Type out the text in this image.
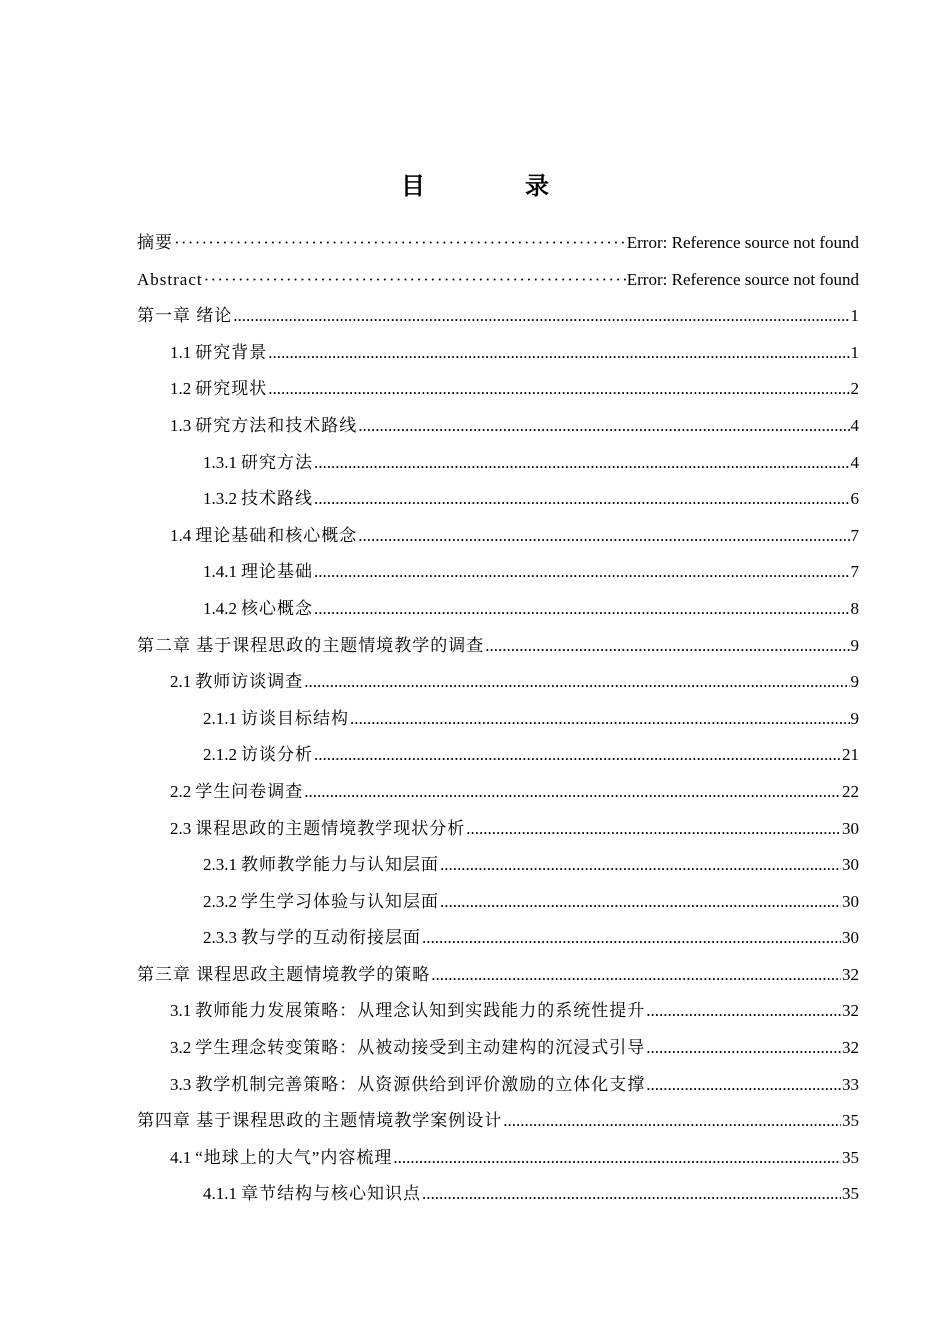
目　录
摘要 ·····	Error: Reference source not found
Abstract ·····	Error: Reference source not found
第一章 绪论 .....	1
1.1 研究背景 .....	1
1.2 研究现状 .....	2
1.3 研究方法和技术路线 .....	4
1.3.1 研究方法 .....	4
1.3.2 技术路线 .....	6
1.4 理论基础和核心概念 .....	7
1.4.1 理论基础 .....	7
1.4.2 核心概念 .....	8
第二章 基于课程思政的主题情境教学的调查 .....	9
2.1 教师访谈调查 .....	9
2.1.1 访谈目标结构 .....	9
2.1.2 访谈分析 .....	21
2.2 学生问卷调查 .....	22
2.3 课程思政的主题情境教学现状分析 .....	30
2.3.1 教师教学能力与认知层面 .....	30
2.3.2 学生学习体验与认知层面 .....	30
2.3.3 教与学的互动衔接层面 .....	30
第三章 课程思政主题情境教学的策略 .....	32
3.1 教师能力发展策略：从理念认知到实践能力的系统性提升 .....	32
3.2 学生理念转变策略：从被动接受到主动建构的沉浸式引导 .....	32
3.3 教学机制完善策略：从资源供给到评价激励的立体化支撑 .....	33
第四章 基于课程思政的主题情境教学案例设计 .....	35
4.1 “地球上的大气”内容梳理 .....	35
4.1.1 章节结构与核心知识点 .....	35
